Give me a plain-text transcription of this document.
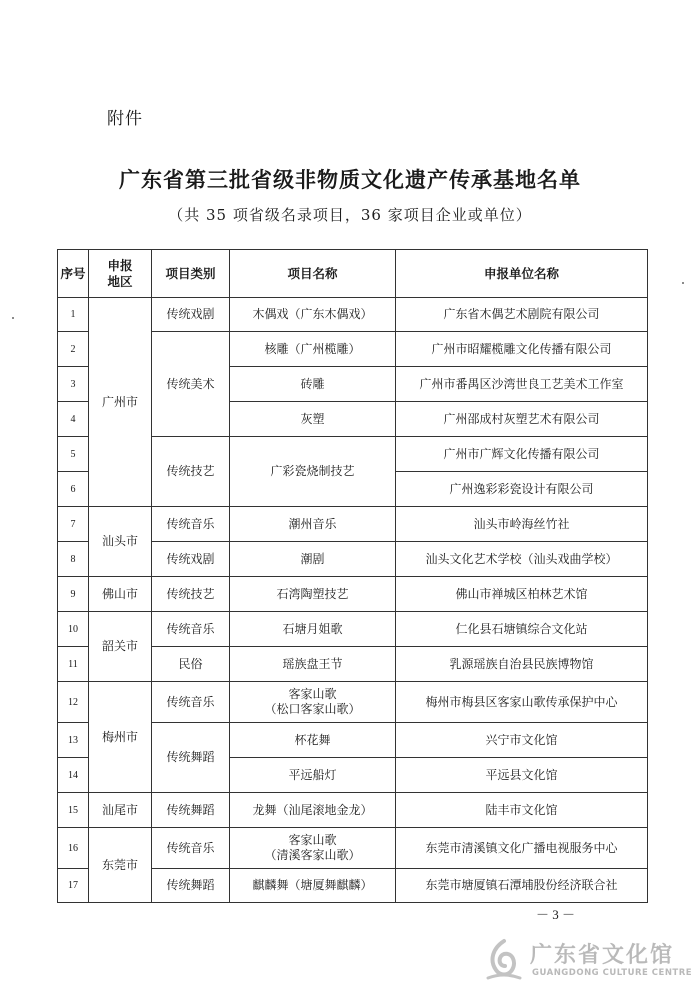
附件
广东省第三批省级非物质文化遗产传承基地名单
（共 35 项省级名录项目，36 家项目企业或单位）
序号	申报地区	项目类别	项目名称	申报单位名称
1	广州市	传统戏剧	木偶戏（广东木偶戏）	广东省木偶艺术剧院有限公司
2		传统美术	核雕（广州榄雕）	广州市昭耀榄雕文化传播有限公司
3			砖雕	广州市番禺区沙湾世良工艺美术工作室
4			灰塑	广州邵成村灰塑艺术有限公司
5		传统技艺	广彩瓷烧制技艺	广州市广辉文化传播有限公司
6				广州逸彩彩瓷设计有限公司
7	汕头市	传统音乐	潮州音乐	汕头市岭海丝竹社
8		传统戏剧	潮剧	汕头文化艺术学校（汕头戏曲学校）
9	佛山市	传统技艺	石湾陶塑技艺	佛山市禅城区柏林艺术馆
10	韶关市	传统音乐	石塘月姐歌	仁化县石塘镇综合文化站
11		民俗	瑶族盘王节	乳源瑶族自治县民族博物馆
12	梅州市	传统音乐	客家山歌
（松口客家山歌）	梅州市梅县区客家山歌传承保护中心
13		传统舞蹈	杯花舞	兴宁市文化馆
14			平远船灯	平远县文化馆
15	汕尾市	传统舞蹈	龙舞（汕尾滚地金龙）	陆丰市文化馆
16	东莞市	传统音乐	客家山歌
（清溪客家山歌）	东莞市清溪镇文化广播电视服务中心
17		传统舞蹈	麒麟舞（塘厦舞麒麟）	东莞市塘厦镇石潭埔股份经济联合社
－ 3 －
广东省文化馆
GUANGDONG CULTURE CENTRE
